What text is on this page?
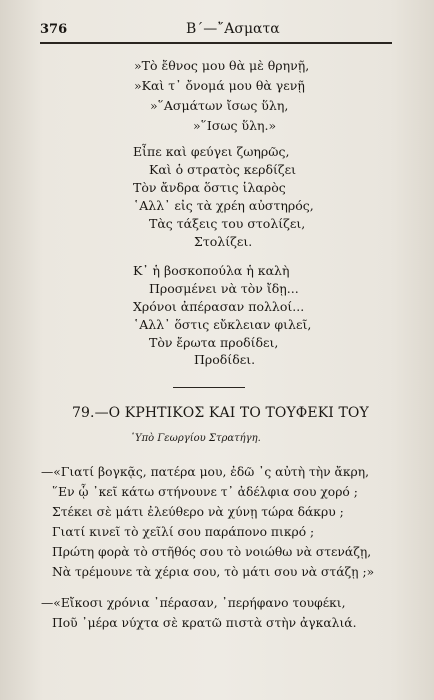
376	Β΄—῎Ασματα
»Τὸ ἔθνος μου θὰ μὲ θρηνῇ,
»Καὶ τ᾽ ὄνομά μου θὰ γενῇ
»῞Ασμάτων ἴσως ὕλη,
»῞Ισως ὕλη.»
Εἶπε καὶ φεύγει ζωηρῶς,
Καὶ ὁ στρατὸς κερδίζει
Τὸν ἄνδρα ὅστις ἱλαρὸς
῾Αλλ᾽ εἰς τὰ χρέη αὐστηρός,
Τὰς τάξεις του στολίζει,
Στολίζει.
Κ᾽ ἡ βοσκοπούλα ἡ καλὴ
Προσμένει νὰ τὸν ἴδῃ...
Χρόνοι ἀπέρασαν πολλοί...
῾Αλλ᾽ ὅστις εὔκλειαν φιλεῖ,
Τὸν ἔρωτα προδίδει,
Προδίδει.
79.—Ο ΚΡΗΤΙΚΟΣ ΚΑΙ ΤΟ ΤΟΥΦΕΚΙ ΤΟΥ
῾Υπὸ Γεωργίου Στρατήγη.
—«Γιατί βογκᾷς, πατέρα μου, ἐδῶ ᾽ς αὐτὴ τὴν ἄκρη,
῞Εν ᾧ ᾽κεῖ κάτω στήνουνε τ᾽ ἀδέλφια σου χορό ;
Στέκει σὲ μάτι ἐλεύθερο νὰ χύνῃ τώρα δάκρυ ;
Γιατί κινεῖ τὸ χεῖλί σου παράπονο πικρό ;
Πρώτη φορὰ τὸ στῆθός σου τὸ νοιώθω νὰ στενάζῃ,
Νὰ τρέμουνε τὰ χέρια σου, τὸ μάτι σου νὰ στάζῃ ;»
—«Εἴκοσι χρόνια ᾽πέρασαν, ᾽περήφανο τουφέκι,
Ποῦ ᾽μέρα νύχτα σὲ κρατῶ πιστὰ στὴν ἀγκαλιά.
